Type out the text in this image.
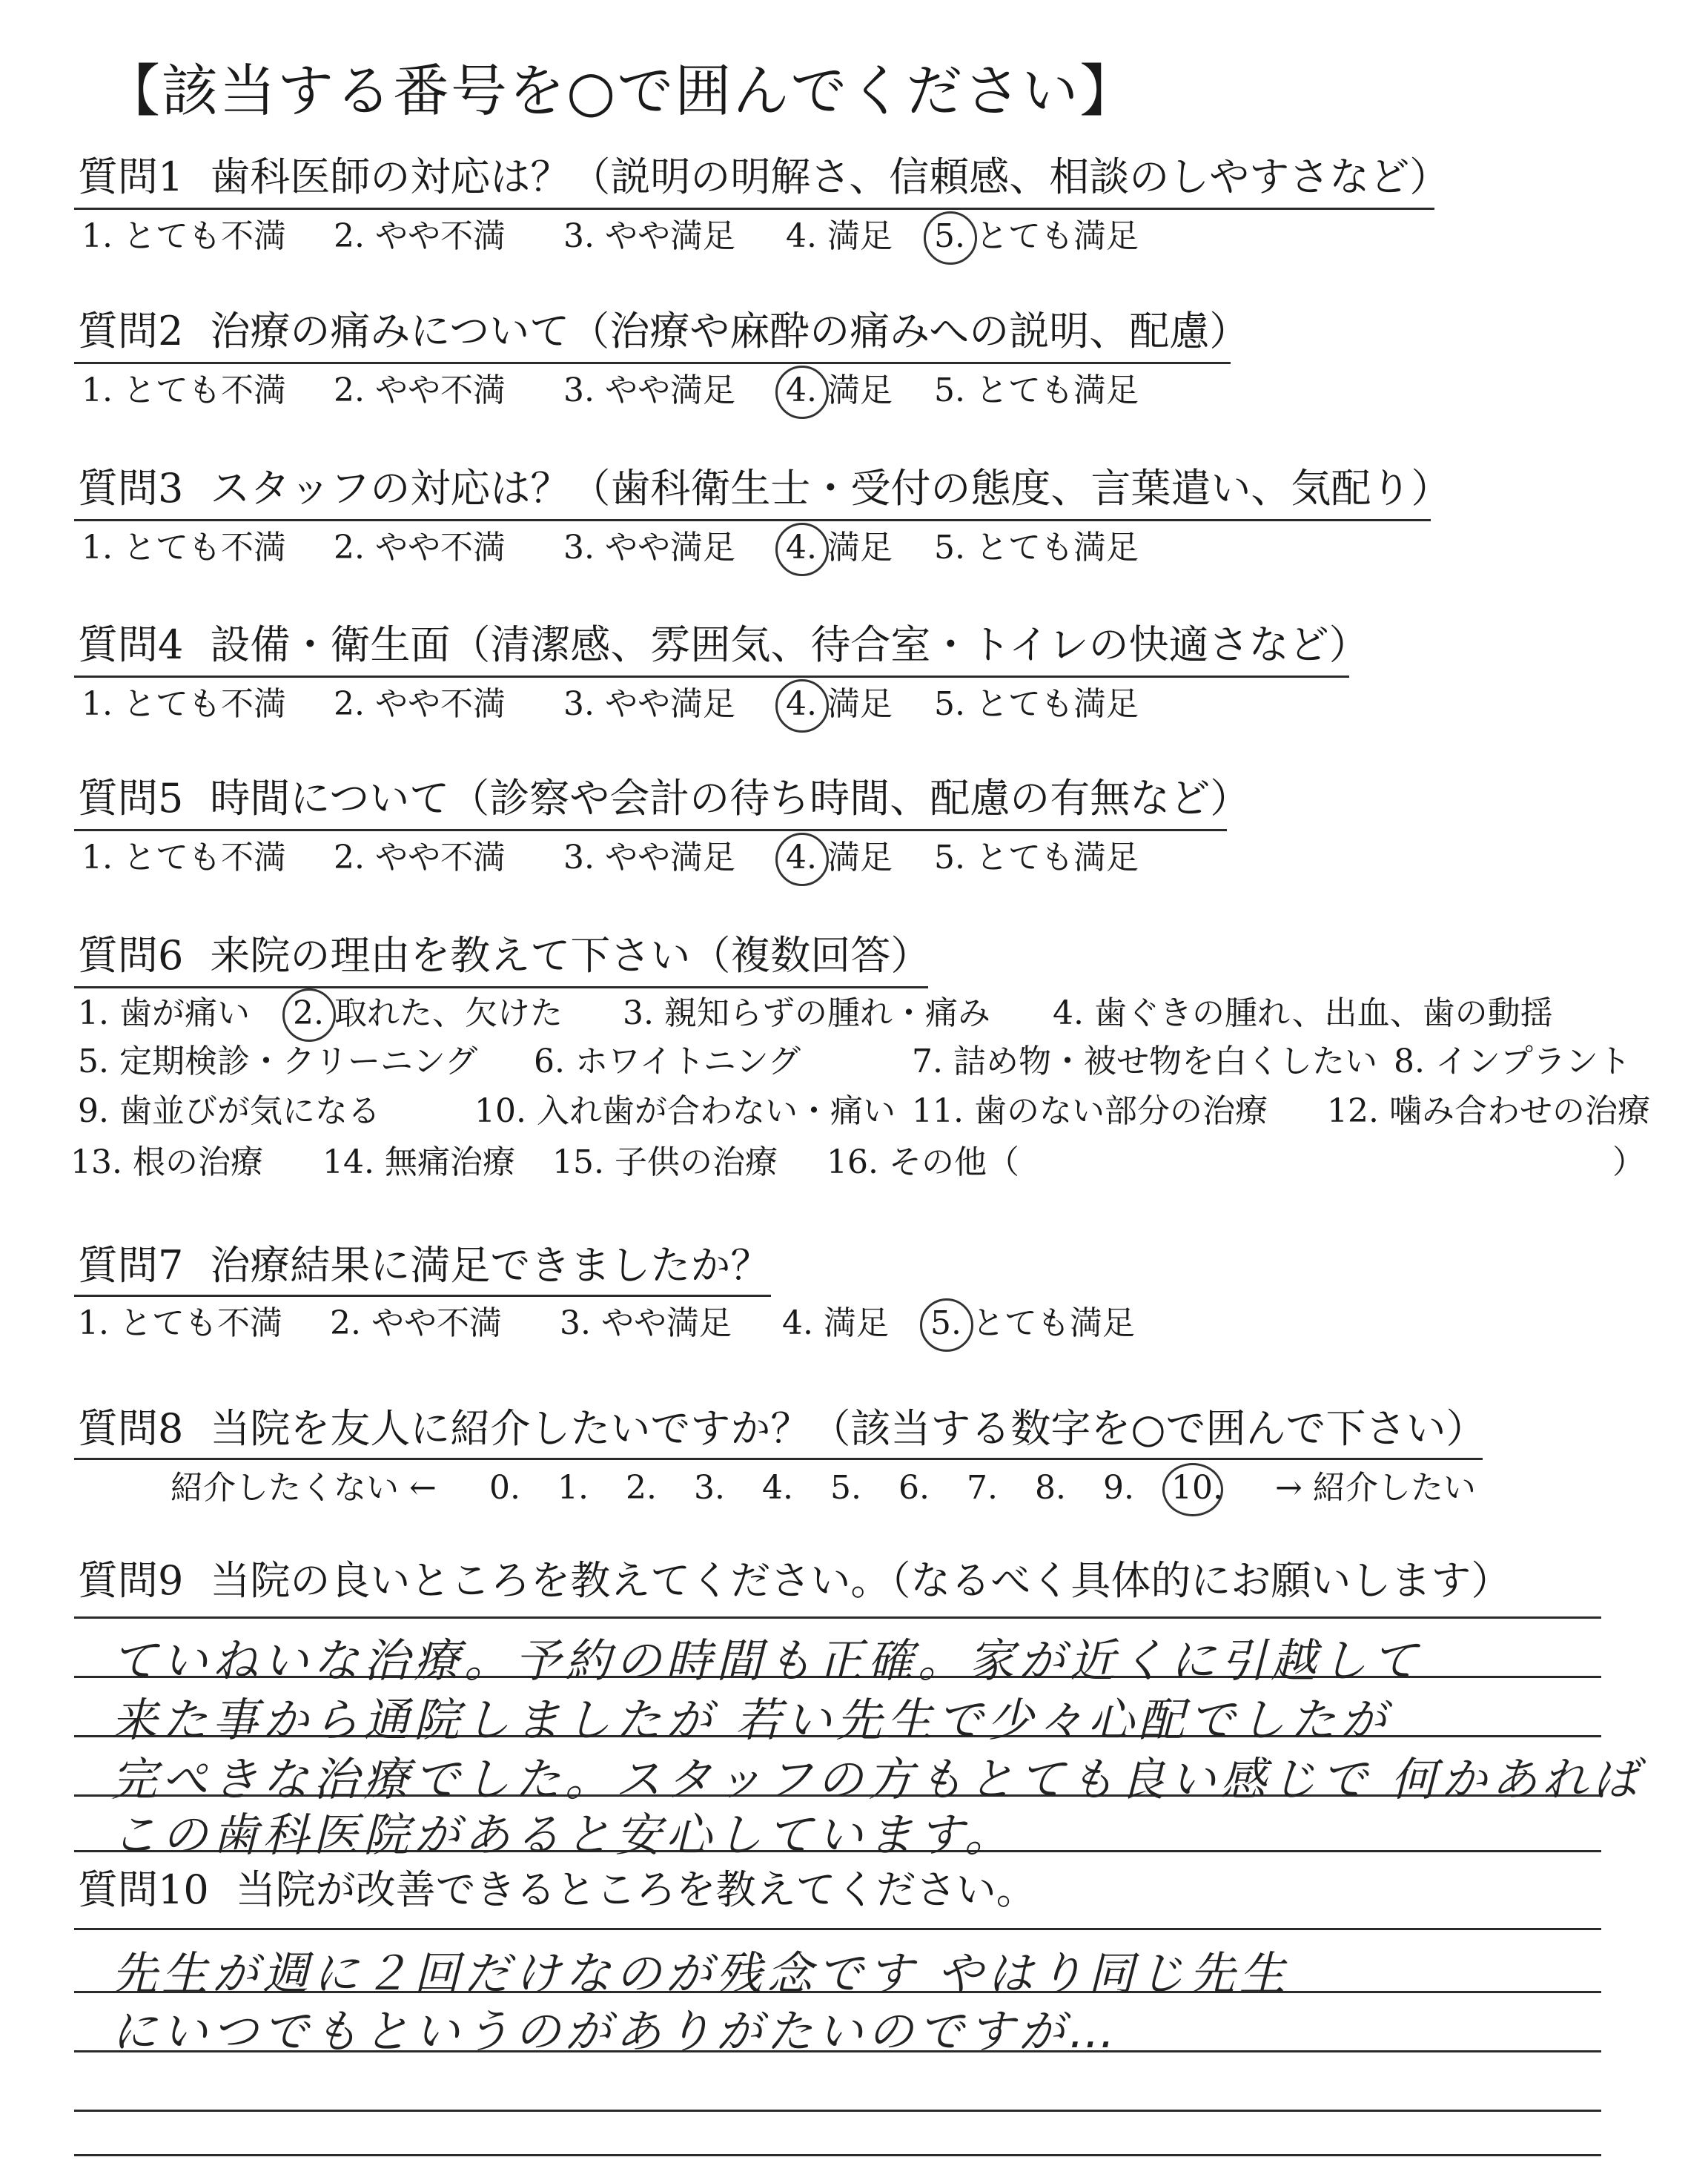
【該当する番号を○で囲んでください】
質問1 歯科医師の対応は？（説明の明解さ、信頼感、相談のしやすさなど）
1. とても不満 2. やや不満 3. やや満足 4. 満足 5. とても満足
質問2 治療の痛みについて（治療や麻酔の痛みへの説明、配慮）
1. とても不満 2. やや不満 3. やや満足 4. 満足 5. とても満足
質問3 スタッフの対応は？（歯科衛生士・受付の態度、言葉遣い、気配り）
1. とても不満 2. やや不満 3. やや満足 4. 満足 5. とても満足
質問4 設備・衛生面（清潔感、雰囲気、待合室・トイレの快適さなど）
1. とても不満 2. やや不満 3. やや満足 4. 満足 5. とても満足
質問5 時間について（診察や会計の待ち時間、配慮の有無など）
1. とても不満 2. やや不満 3. やや満足 4. 満足 5. とても満足
質問6 来院の理由を教えて下さい（複数回答）
1. 歯が痛い 2. 取れた、欠けた 3. 親知らずの腫れ・痛み 4. 歯ぐきの腫れ、出血、歯の動揺
5. 定期検診・クリーニング 6. ホワイトニング	7. 詰め物・被せ物を白くしたい 8. インプラント
9. 歯並びが気になる	10. 入れ歯が合わない・痛い 11. 歯のない部分の治療 12. 噛み合わせの治療
13. 根の治療 14. 無痛治療 15. 子供の治療 16. その他（	）
質問7 治療結果に満足できましたか？
1. とても不満 2. やや不満 3. やや満足 4. 満足 5. とても満足
質問8 当院を友人に紹介したいですか？（該当する数字を○で囲んで下さい）
紹介したくない ← 0. 1. 2. 3. 4. 5. 6. 7. 8. 9. 10. → 紹介したい
質問9 当院の良いところを教えてください。（なるべく具体的にお願いします）
ていねいな治療。予約の時間も正確。家が近くに引越して
来た事から通院しましたが 若い先生で少々心配でしたが
完ぺきな治療でした。スタッフの方もとても良い感じで 何かあれば
この歯科医院があると安心しています。
質問10 当院が改善できるところを教えてください。
先生が週に２回だけなのが残念です やはり同じ先生
にいつでもというのがありがたいのですが…
